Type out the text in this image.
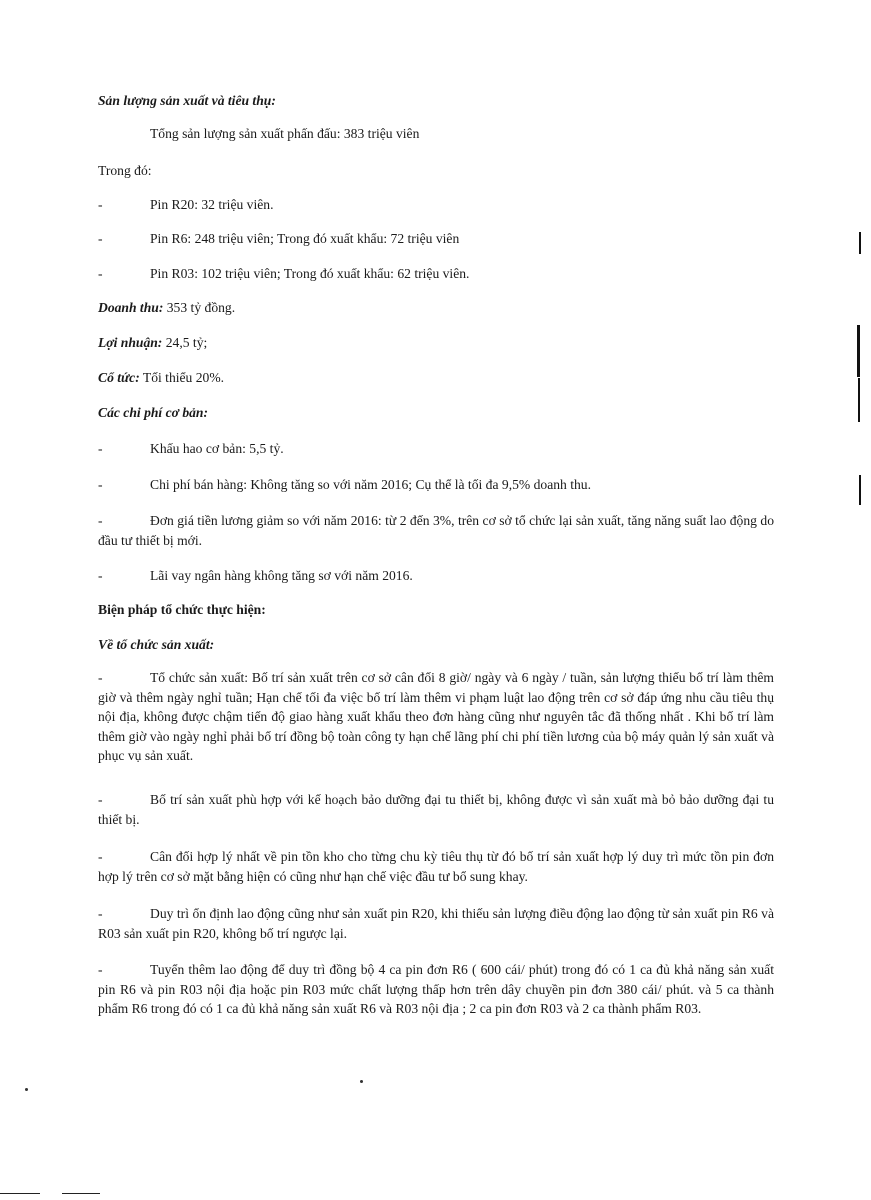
Sản lượng sản xuất và tiêu thụ:
Tổng sản lượng sản xuất phấn đấu: 383 triệu viên
Trong đó:
-	Pin R20: 32 triệu viên.
-	Pin R6: 248 triệu viên; Trong đó xuất khẩu: 72 triệu viên
-	Pin R03: 102 triệu viên; Trong đó xuất khẩu: 62 triệu viên.
Doanh thu: 353 tỷ đồng.
Lợi nhuận: 24,5 tỷ;
Cổ tức: Tối thiểu 20%.
Các chi phí cơ bản:
-	Khấu hao cơ bản: 5,5 tỷ.
-	Chi phí bán hàng: Không tăng so với năm 2016; Cụ thể là tối đa 9,5% doanh thu.
-	Đơn giá tiền lương giảm so với năm 2016: từ 2 đến 3%, trên cơ sở tổ chức lại sản xuất, tăng năng suất lao động do đầu tư thiết bị mới.
-	Lãi vay ngân hàng không tăng sơ với năm 2016.
Biện pháp tổ chức thực hiện:
Về tổ chức sản xuất:
-	Tổ chức sản xuất: Bố trí sản xuất trên cơ sở cân đối 8 giờ/ ngày và 6 ngày / tuần, sản lượng thiếu bố trí làm thêm giờ và thêm ngày nghỉ tuần; Hạn chế tối đa việc bố trí làm thêm vi phạm luật lao động trên cơ sở đáp ứng nhu cầu tiêu thụ nội địa, không được chậm tiến độ giao hàng xuất khẩu theo đơn hàng cũng như nguyên tắc đã thống nhất . Khi bố trí làm thêm giờ vào ngày nghỉ phải bố trí đồng bộ toàn công ty hạn chế lãng phí chi phí tiền lương của bộ máy quản lý sản xuất và phục vụ sản xuất.
-	Bố trí sản xuất phù hợp với kế hoạch bảo dưỡng đại tu thiết bị, không được vì sản xuất mà bỏ bảo dưỡng đại tu thiết bị.
-	Cân đối hợp lý nhất về pin tồn kho cho từng chu kỳ tiêu thụ từ đó bố trí sản xuất hợp lý duy trì mức tồn pin đơn hợp lý trên cơ sở mặt bằng hiện có cũng như hạn chế việc đầu tư bổ sung khay.
-	Duy trì ổn định lao động cũng như sản xuất pin R20, khi thiếu sản lượng điều động lao động từ sản xuất pin R6 và R03 sản xuất pin R20, không bố trí ngược lại.
-	Tuyển thêm lao động để duy trì đồng bộ 4 ca pin đơn R6 ( 600 cái/ phút) trong đó có 1 ca đủ khả năng sản xuất pin R6 và pin R03 nội địa hoặc pin R03 mức chất lượng thấp hơn trên dây chuyền pin đơn 380 cái/ phút. và 5 ca thành phẩm R6 trong đó có 1 ca đủ khả năng sản xuất R6 và R03 nội địa ; 2 ca pin đơn R03 và 2 ca thành phẩm R03.
